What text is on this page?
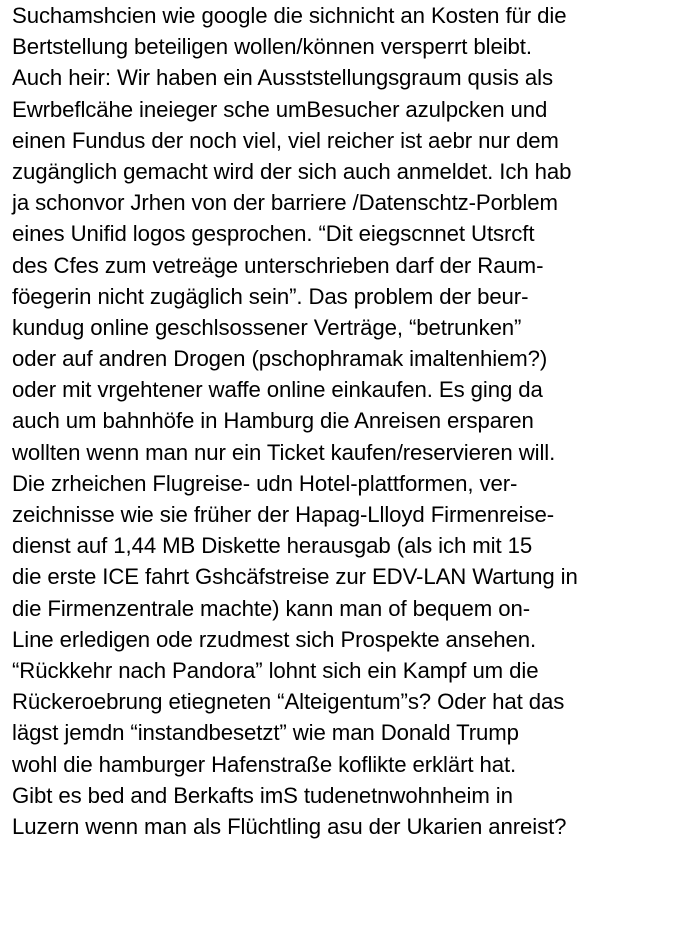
Suchamshcien wie google die sichnicht an Kosten für die
Bertstellung beteiligen wollen/können versperrt bleibt.
Auch heir: Wir haben ein Ausststellungsgraum qusis als
Ewrbeflcähe ineieger sche umBesucher azulpcken und
einen Fundus der noch viel, viel reicher ist aebr nur dem
zugänglich gemacht wird der sich auch anmeldet. Ich hab
ja schonvor Jrhen von der barriere /Datenschtz-Porblem
eines Unifid logos gesprochen. “Dit eiegscnnet Utsrcft
des Cfes zum vetreäge unterschrieben darf der Raum-
föegerin nicht zugäglich sein”. Das problem der beur-
kundug online geschlsossener Verträge, “betrunken”
oder auf andren Drogen (pschophramak imaltenhiem?)
oder mit vrgehtener waffe online einkaufen. Es ging da
auch um bahnhöfe in Hamburg die Anreisen ersparen
wollten wenn man nur ein Ticket kaufen/reservieren will.
Die zrheichen Flugreise- udn Hotel-plattformen, ver-
zeichnisse wie sie früher der Hapag-Llloyd Firmenreise-
dienst auf 1,44 MB Diskette herausgab (als ich mit 15
die erste ICE fahrt Gshcäfstreise zur EDV-LAN Wartung in
die Firmenzentrale machte) kann man of bequem on-
Line erledigen ode rzudmest sich Prospekte ansehen.
“Rückkehr nach Pandora” lohnt sich ein Kampf um die
Rückeroebrung etiegneten “Alteigentum”s? Oder hat das
lägst jemdn “instandbesetzt” wie man Donald Trump
wohl die hamburger Hafenstraße koflikte erklärt hat.
Gibt es bed and Berkafts imS tudenetnwohnheim in
Luzern wenn man als Flüchtling asu der Ukarien anreist?
